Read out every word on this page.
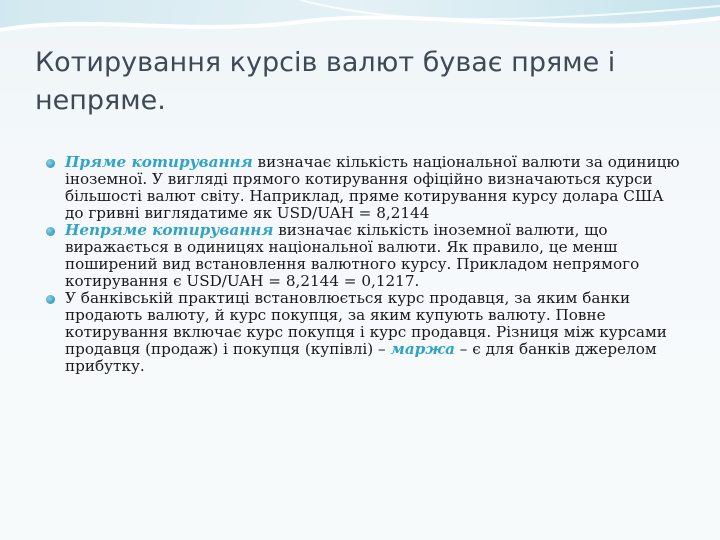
Котирування курсів валют буває пряме і непряме.
Пряме котирування визначає кількість національної валюти за одиницю іноземної. У вигляді прямого котирування офіційно визначаються курси більшості валют світу. Наприклад, пряме котирування курсу долара США до гривні виглядатиме як USD/UAH = 8,2144
Непряме котирування визначає кількість іноземної валюти, що виражається в одиницях національної валюти. Як правило, це менш поширений вид встановлення валютного курсу. Прикладом непрямого котирування є USD/UAH = 8,2144 = 0,1217.
У банківській практиці встановлюється курс продавця, за яким банки продають валюту, й курс покупця, за яким купують валюту. Повне котирування включає курс покупця і курс продавця. Різниця між курсами продавця (продаж) і покупця (купівлі) – маржа – є для банків джерелом прибутку.
